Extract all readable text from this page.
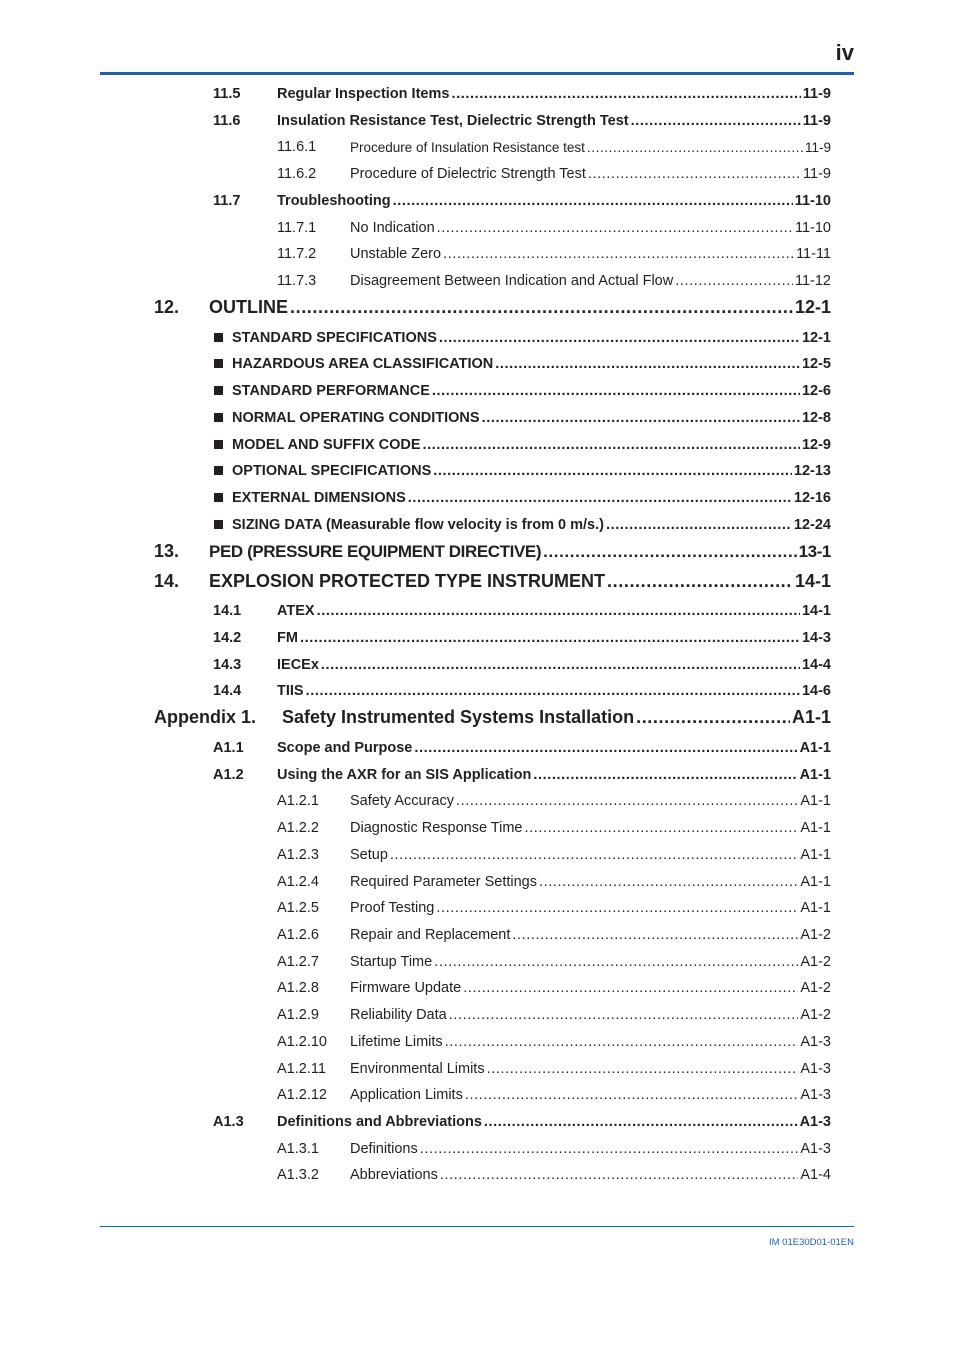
iv
11.5	Regular Inspection Items .....	11-9
11.6	Insulation Resistance Test, Dielectric Strength Test .....	11-9
11.6.1	Procedure of Insulation Resistance test .....	11-9
11.6.2 Procedure of Dielectric Strength Test .....	11-9
11.7	Troubleshooting .....	11-10
11.7.1 No Indication .....	11-10
11.7.2 Unstable Zero .....	11-11
11.7.3 Disagreement Between Indication and Actual Flow .....	11-12
12. OUTLINE .....	12-1
STANDARD SPECIFICATIONS .....	12-1
HAZARDOUS AREA CLASSIFICATION .....	12-5
STANDARD PERFORMANCE .....	12-6
NORMAL OPERATING CONDITIONS .....	12-8
MODEL AND SUFFIX CODE .....	12-9
OPTIONAL SPECIFICATIONS .....	12-13
EXTERNAL DIMENSIONS .....	12-16
SIZING DATA (Measurable flow velocity is from 0 m/s.) .....	12-24
13. PED (PRESSURE EQUIPMENT DIRECTIVE) .....	13-1
14. EXPLOSION PROTECTED TYPE INSTRUMENT .....	14-1
14.1 ATEX .....	14-1
14.2 FM .....	14-3
14.3 IECEx .....	14-4
14.4 TIIS .....	14-6
Appendix 1. Safety Instrumented Systems Installation .....	A1-1
A1.1 Scope and Purpose .....	A1-1
A1.2 Using the AXR for an SIS Application .....	A1-1
A1.2.1 Safety Accuracy .....	A1-1
A1.2.2 Diagnostic Response Time .....	A1-1
A1.2.3 Setup .....	A1-1
A1.2.4 Required Parameter Settings .....	A1-1
A1.2.5 Proof Testing .....	A1-1
A1.2.6 Repair and Replacement .....	A1-2
A1.2.7 Startup Time .....	A1-2
A1.2.8 Firmware Update .....	A1-2
A1.2.9 Reliability Data .....	A1-2
A1.2.10 Lifetime Limits .....	A1-3
A1.2.11 Environmental Limits .....	A1-3
A1.2.12 Application Limits .....	A1-3
A1.3 Definitions and Abbreviations .....	A1-3
A1.3.1 Definitions .....	A1-3
A1.3.2 Abbreviations .....	A1-4
IM 01E30D01-01EN
